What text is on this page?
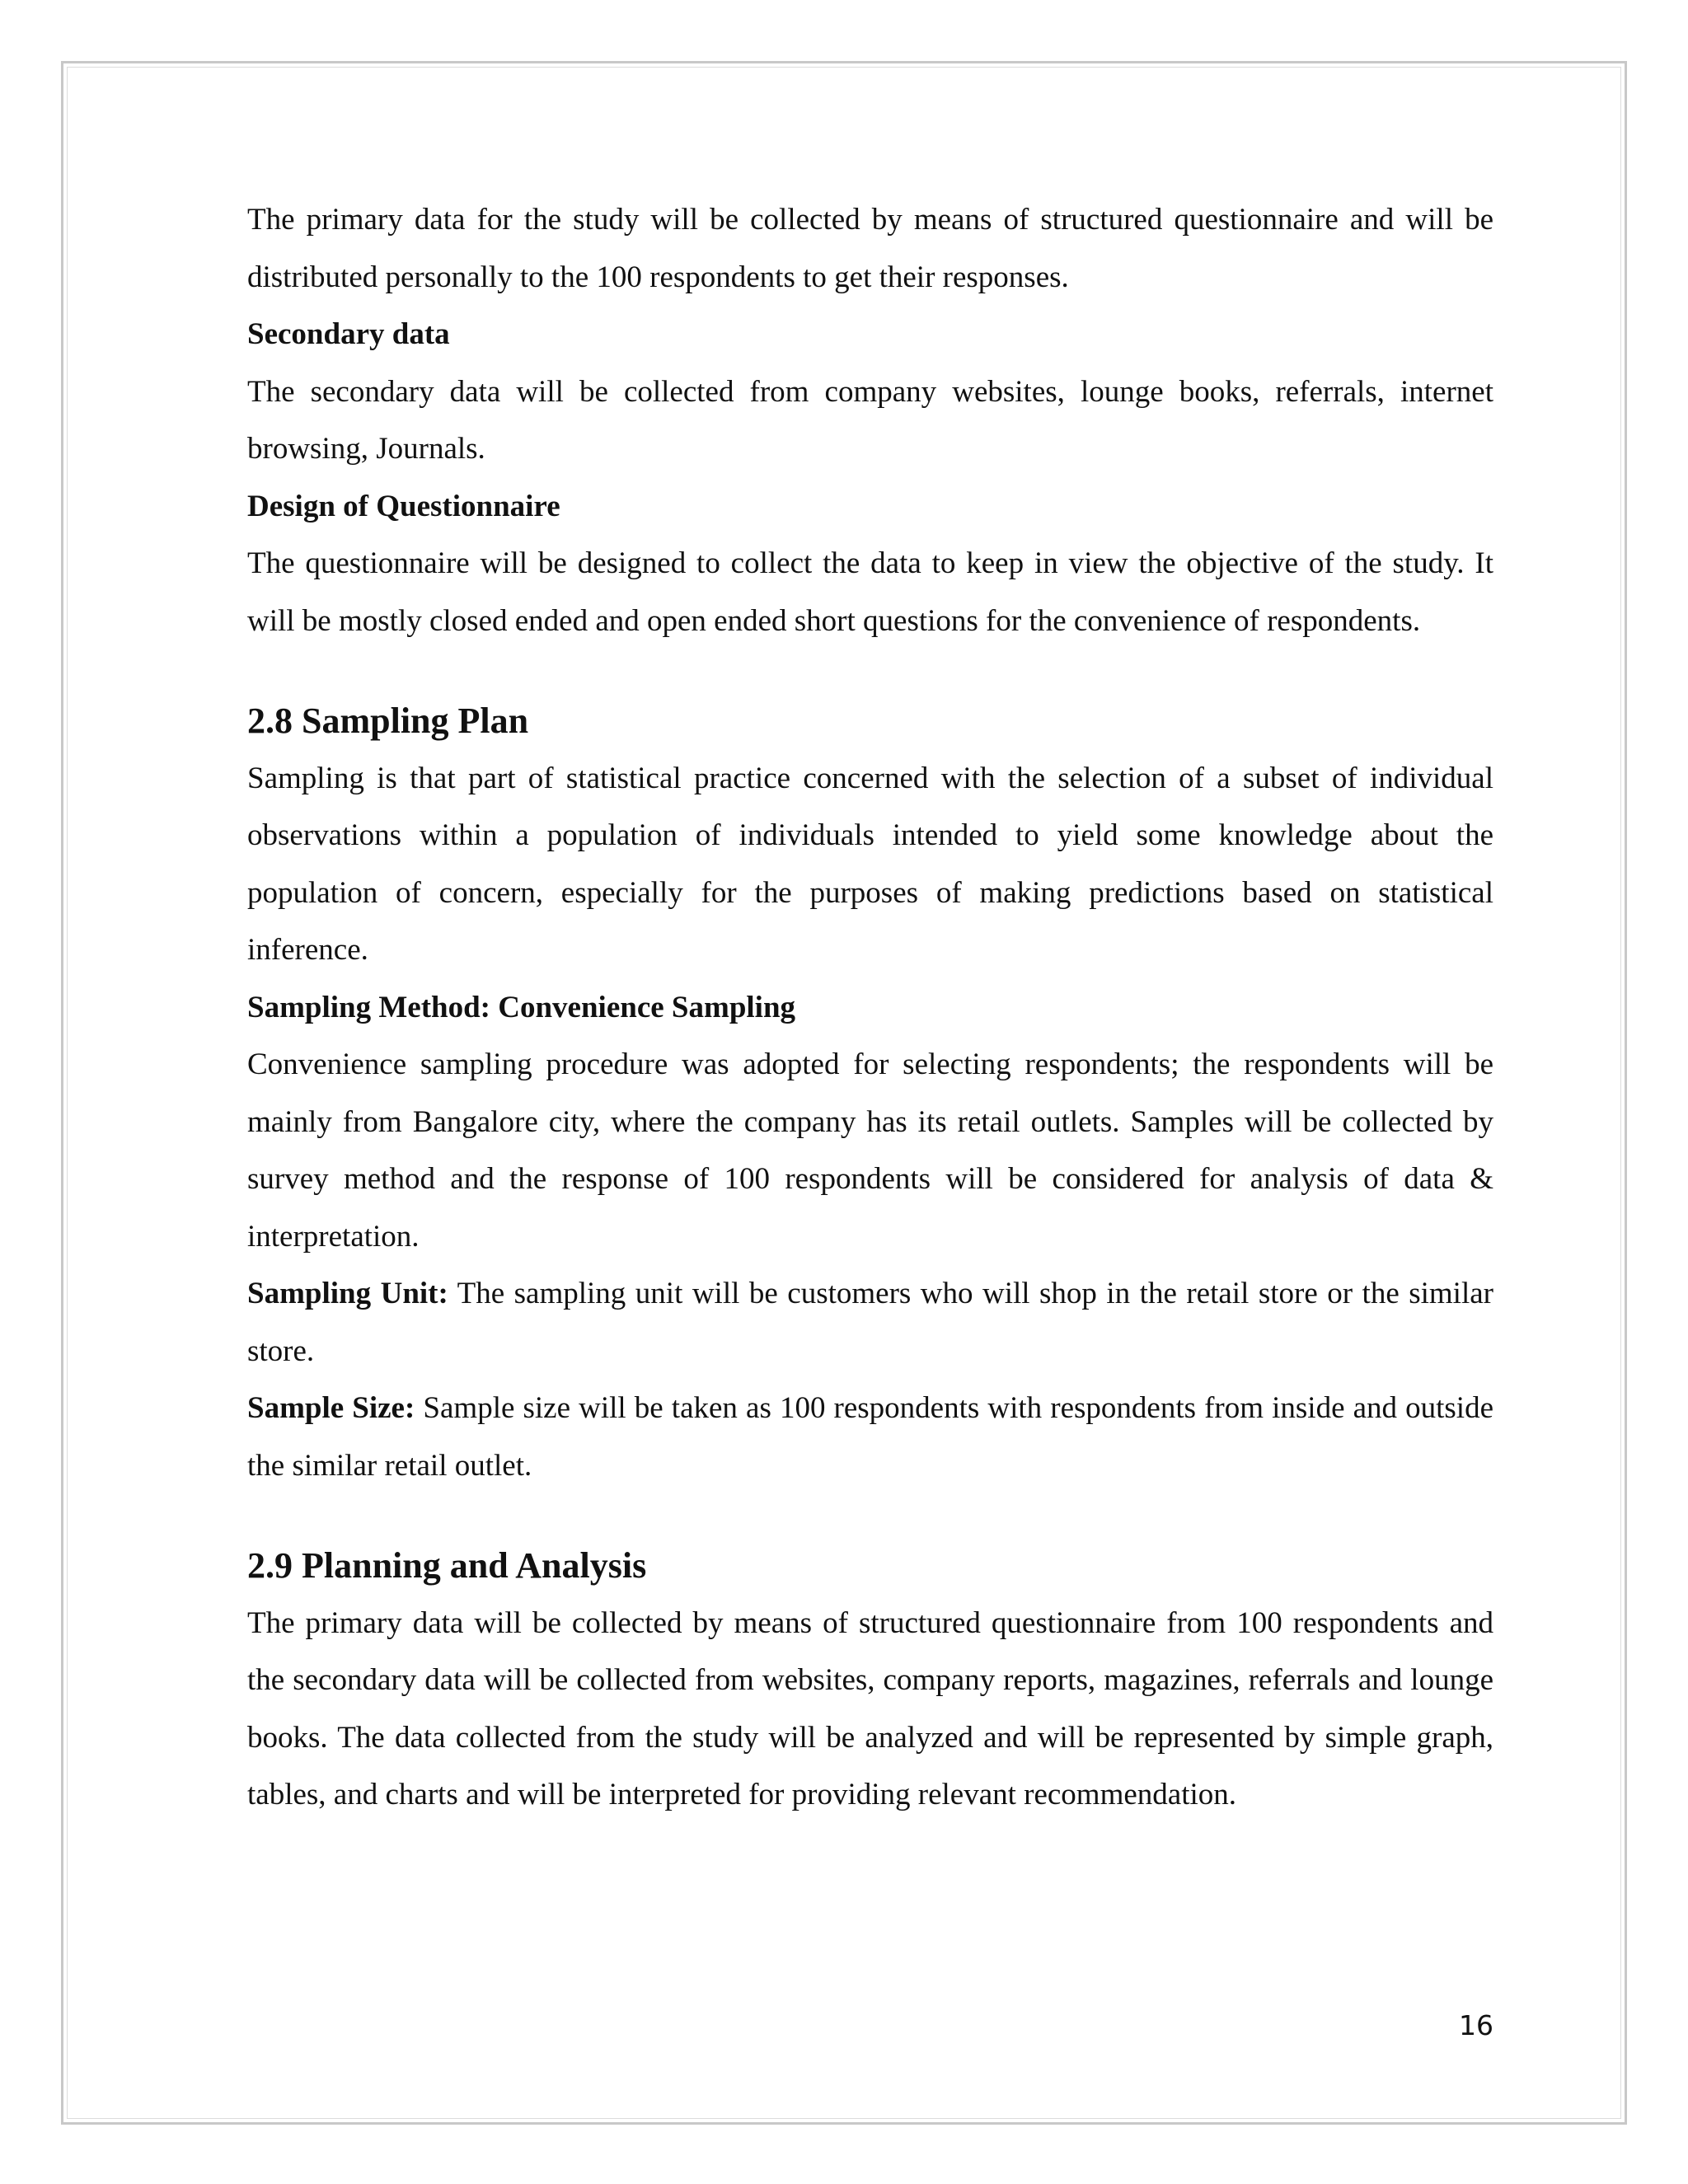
The primary data for the study will be collected by means of structured questionnaire and will be distributed personally to the 100 respondents to get their responses.

Secondary data

The secondary data will be collected from company websites, lounge books, referrals, internet browsing, Journals.

Design of Questionnaire

The questionnaire will be designed to collect the data to keep in view the objective of the study. It will be mostly closed ended and open ended short questions for the convenience of respondents.

2.8 Sampling Plan

Sampling is that part of statistical practice concerned with the selection of a subset of individual observations within a population of individuals intended to yield some knowledge about the population of concern, especially for the purposes of making predictions based on statistical inference.

Sampling Method: Convenience Sampling

Convenience sampling procedure was adopted for selecting respondents; the respondents will be mainly from Bangalore city, where the company has its retail outlets. Samples will be collected by survey method and the response of 100 respondents will be considered for analysis of data & interpretation.

Sampling Unit: The sampling unit will be customers who will shop in the retail store or the similar store.

Sample Size: Sample size will be taken as 100 respondents with respondents from inside and outside the similar retail outlet.

2.9 Planning and Analysis

The primary data will be collected by means of structured questionnaire from 100 respondents and the secondary data will be collected from websites, company reports, magazines, referrals and lounge books. The data collected from the study will be analyzed and will be represented by simple graph, tables, and charts and will be interpreted for providing relevant recommendation.

16
